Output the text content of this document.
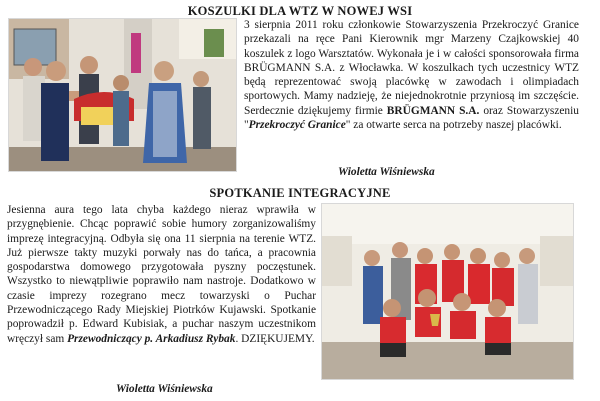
KOSZULKI DLA WTZ W NOWEJ WSI

3 sierpnia 2011 roku członkowie Stowarzyszenia Przekroczyć Granice przekazali na ręce Pani Kierownik mgr Marzeny Czajkowskiej 40 koszulek z logo Warsztatów. Wykonała je i w całości sponsorowała firma BRÜGMANN S.A. z Włocławka. W koszulkach tych uczestnicy WTZ będą reprezentować swoją placówkę w zawodach i olimpiadach sportowych. Mamy nadzieję, że niejednokrotnie przyniosą im szczęście. Serdecznie dziękujemy firmie BRÜGMANN S.A. oraz Stowarzyszeniu "Przekroczyć Granice" za otwarte serca na potrzeby naszej placówki.

Wioletta Wiśniewska
SPOTKANIE INTEGRACYJNE

Jesienna aura tego lata chyba każdego nieraz wprawiła w przygnębienie. Chcąc poprawić sobie humory zorganizowaliśmy imprezę integracyjną. Odbyła się ona 11 sierpnia na terenie WTZ. Już pierwsze takty muzyki porwały nas do tańca, a pracownia gospodarstwa domowego przygotowała pyszny poczęstunek. Wszystko to niewątpliwie poprawiło nam nastroje. Dodatkowo w czasie imprezy rozegrano mecz towarzyski o Puchar Przewodniczącego Rady Miejskiej Piotrków Kujawski. Spotkanie poprowadził p. Edward Kubisiak, a puchar naszym uczestnikom wręczył sam Przewodniczący p. Arkadiusz Rybak. DZIĘKUJEMY.

Wioletta Wiśniewska
